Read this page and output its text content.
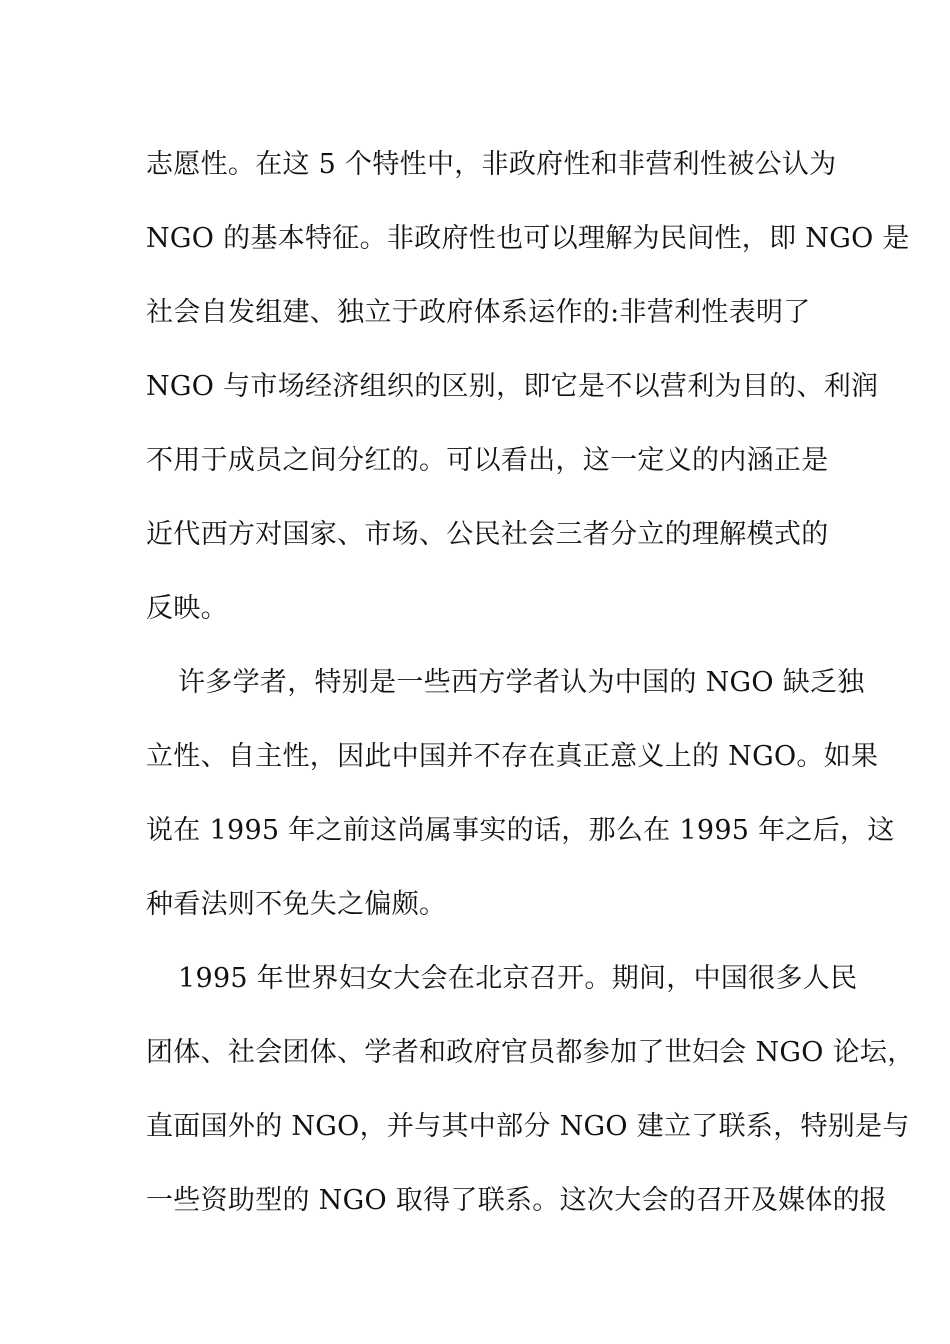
志愿性。在这 5 个特性中，非政府性和非营利性被公认为
NGO 的基本特征。非政府性也可以理解为民间性，即 NGO 是
社会自发组建、独立于政府体系运作的:非营利性表明了
NGO 与市场经济组织的区别，即它是不以营利为目的、利润
不用于成员之间分红的。可以看出，这一定义的内涵正是
近代西方对国家、市场、公民社会三者分立的理解模式的
反映。
许多学者，特别是一些西方学者认为中国的 NGO 缺乏独
立性、自主性，因此中国并不存在真正意义上的 NGO。如果
说在 1995 年之前这尚属事实的话，那么在 1995 年之后，这
种看法则不免失之偏颇。
1995 年世界妇女大会在北京召开。期间，中国很多人民
团体、社会团体、学者和政府官员都参加了世妇会 NGO 论坛，
直面国外的 NGO，并与其中部分 NGO 建立了联系，特别是与
一些资助型的 NGO 取得了联系。这次大会的召开及媒体的报
